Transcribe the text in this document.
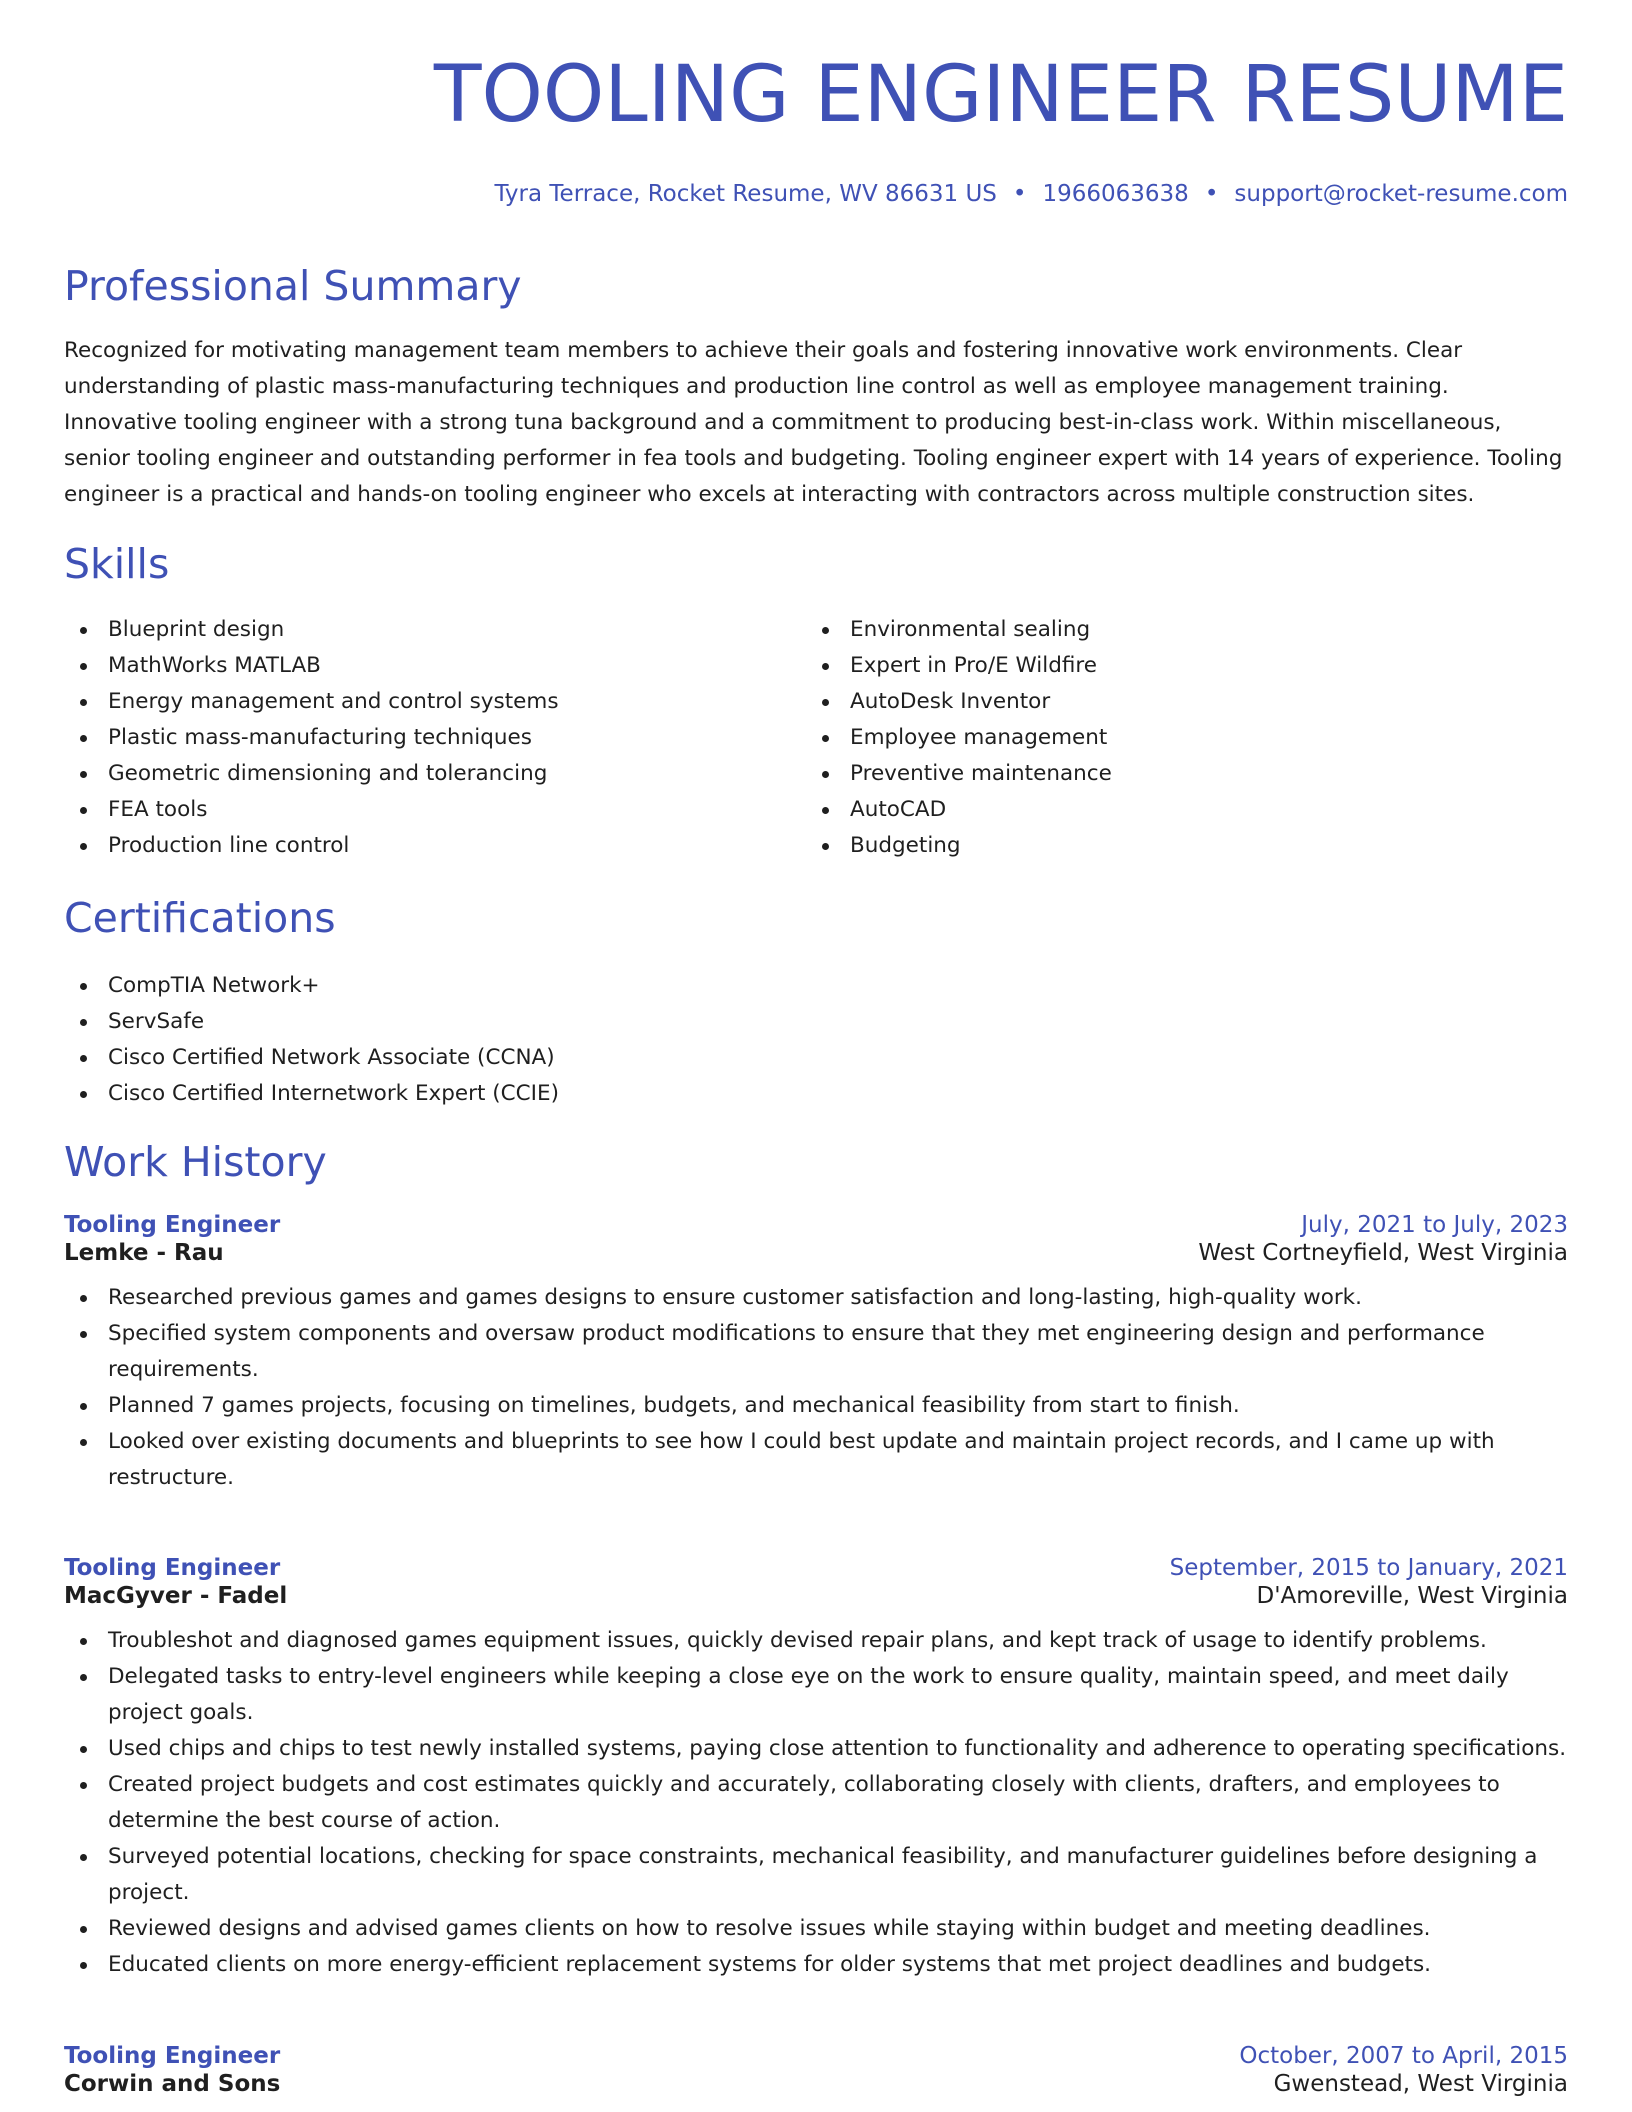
TOOLING ENGINEER RESUME
Tyra Terrace, Rocket Resume, WV 86631 US • 1966063638 • support@rocket-resume.com
Professional Summary

Recognized for motivating management team members to achieve their goals and fostering innovative work environments. Clear understanding of plastic mass-manufacturing techniques and production line control as well as employee management training. Innovative tooling engineer with a strong tuna background and a commitment to producing best-in-class work. Within miscellaneous, senior tooling engineer and outstanding performer in fea tools and budgeting. Tooling engineer expert with 14 years of experience. Tooling engineer is a practical and hands-on tooling engineer who excels at interacting with contractors across multiple construction sites.

Skills
Blueprint design
MathWorks MATLAB
Energy management and control systems
Plastic mass-manufacturing techniques
Geometric dimensioning and tolerancing
FEA tools
Production line control
Environmental sealing
Expert in Pro/E Wildfire
AutoDesk Inventor
Employee management
Preventive maintenance
AutoCAD
Budgeting
Certifications
CompTIA Network+
ServSafe
Cisco Certified Network Associate (CCNA)
Cisco Certified Internetwork Expert (CCIE)
Work History
Tooling Engineer	July, 2021 to July, 2023
Lemke - Rau	West Cortneyfield, West Virginia
Researched previous games and games designs to ensure customer satisfaction and long-lasting, high-quality work.
Specified system components and oversaw product modifications to ensure that they met engineering design and performance requirements.
Planned 7 games projects, focusing on timelines, budgets, and mechanical feasibility from start to finish.
Looked over existing documents and blueprints to see how I could best update and maintain project records, and I came up with restructure.
Tooling Engineer	September, 2015 to January, 2021
MacGyver - Fadel	D'Amoreville, West Virginia
Troubleshot and diagnosed games equipment issues, quickly devised repair plans, and kept track of usage to identify problems.
Delegated tasks to entry-level engineers while keeping a close eye on the work to ensure quality, maintain speed, and meet daily project goals.
Used chips and chips to test newly installed systems, paying close attention to functionality and adherence to operating specifications.
Created project budgets and cost estimates quickly and accurately, collaborating closely with clients, drafters, and employees to determine the best course of action.
Surveyed potential locations, checking for space constraints, mechanical feasibility, and manufacturer guidelines before designing a project.
Reviewed designs and advised games clients on how to resolve issues while staying within budget and meeting deadlines.
Educated clients on more energy-efficient replacement systems for older systems that met project deadlines and budgets.
Tooling Engineer	October, 2007 to April, 2015
Corwin and Sons	Gwenstead, West Virginia
